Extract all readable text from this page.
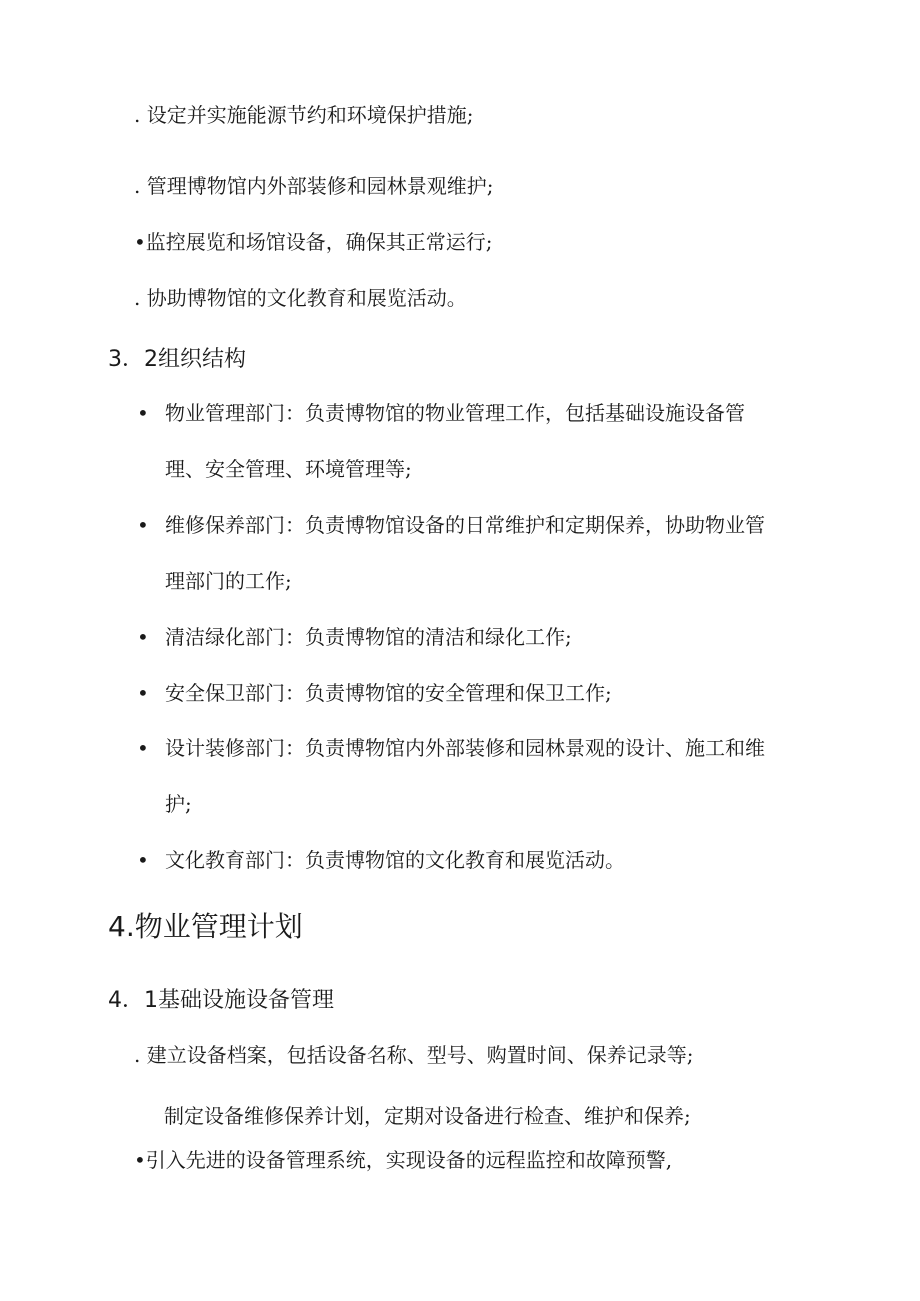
. 设定并实施能源节约和环境保护措施;
. 管理博物馆内外部装修和园林景观维护;
•监控展览和场馆设备，确保其正常运行;
. 协助博物馆的文化教育和展览活动。
3．2组织结构
• 物业管理部门：负责博物馆的物业管理工作，包括基础设施设备管
理、安全管理、环境管理等;
• 维修保养部门：负责博物馆设备的日常维护和定期保养，协助物业管
理部门的工作;
• 清洁绿化部门：负责博物馆的清洁和绿化工作;
• 安全保卫部门：负责博物馆的安全管理和保卫工作;
• 设计装修部门：负责博物馆内外部装修和园林景观的设计、施工和维
护;
• 文化教育部门：负责博物馆的文化教育和展览活动。
4.物业管理计划
4．1基础设施设备管理
. 建立设备档案，包括设备名称、型号、购置时间、保养记录等;
制定设备维修保养计划，定期对设备进行检查、维护和保养;
•引入先进的设备管理系统，实现设备的远程监控和故障预警,
